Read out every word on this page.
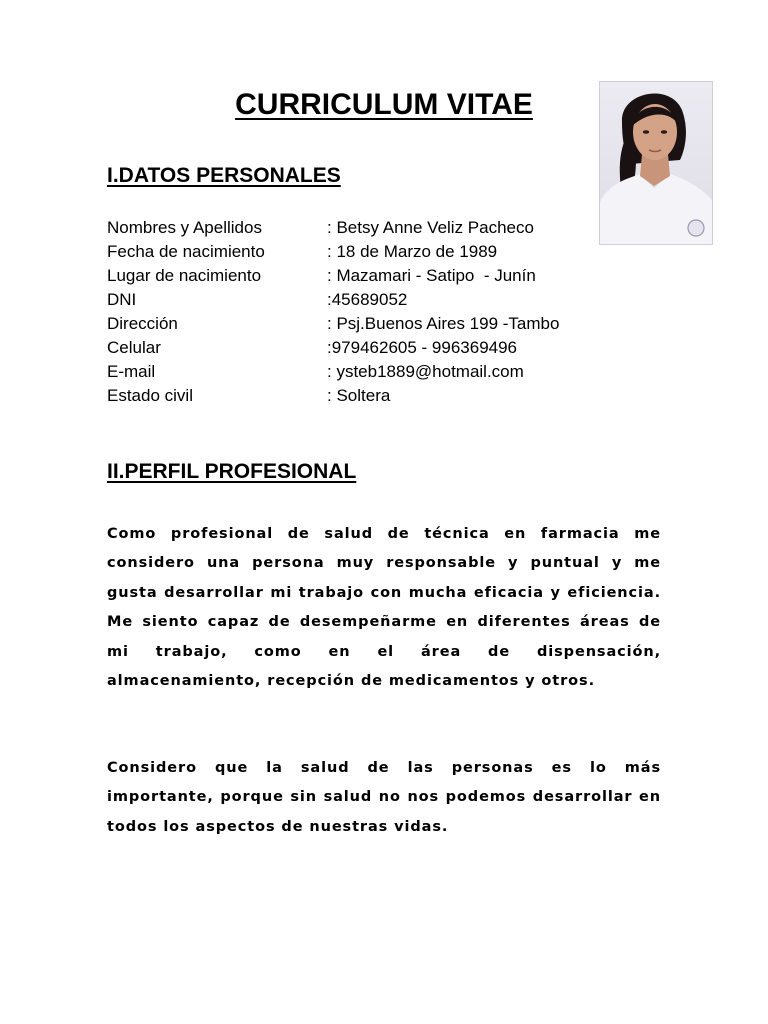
CURRICULUM VITAE
I.DATOS PERSONALES
Nombres y Apellidos	: Betsy Anne Veliz Pacheco
Fecha de nacimiento	: 18 de Marzo de 1989
Lugar de nacimiento	: Mazamari - Satipo  - Junín
DNI	:45689052
Dirección	: Psj.Buenos Aires 199 -Tambo
Celular	:979462605 - 996369496
E-mail	: ysteb1889@hotmail.com
Estado civil	: Soltera
II.PERFIL PROFESIONAL

Como profesional de salud de técnica en farmacia me considero una persona muy responsable y puntual y me gusta desarrollar mi trabajo con mucha eficacia y eficiencia. Me siento capaz de desempeñarme en diferentes áreas de mi trabajo, como en el área de dispensación, almacenamiento, recepción de medicamentos y otros.

Considero que la salud de las personas es lo más importante, porque sin salud no nos podemos desarrollar en todos los aspectos de nuestras vidas.
